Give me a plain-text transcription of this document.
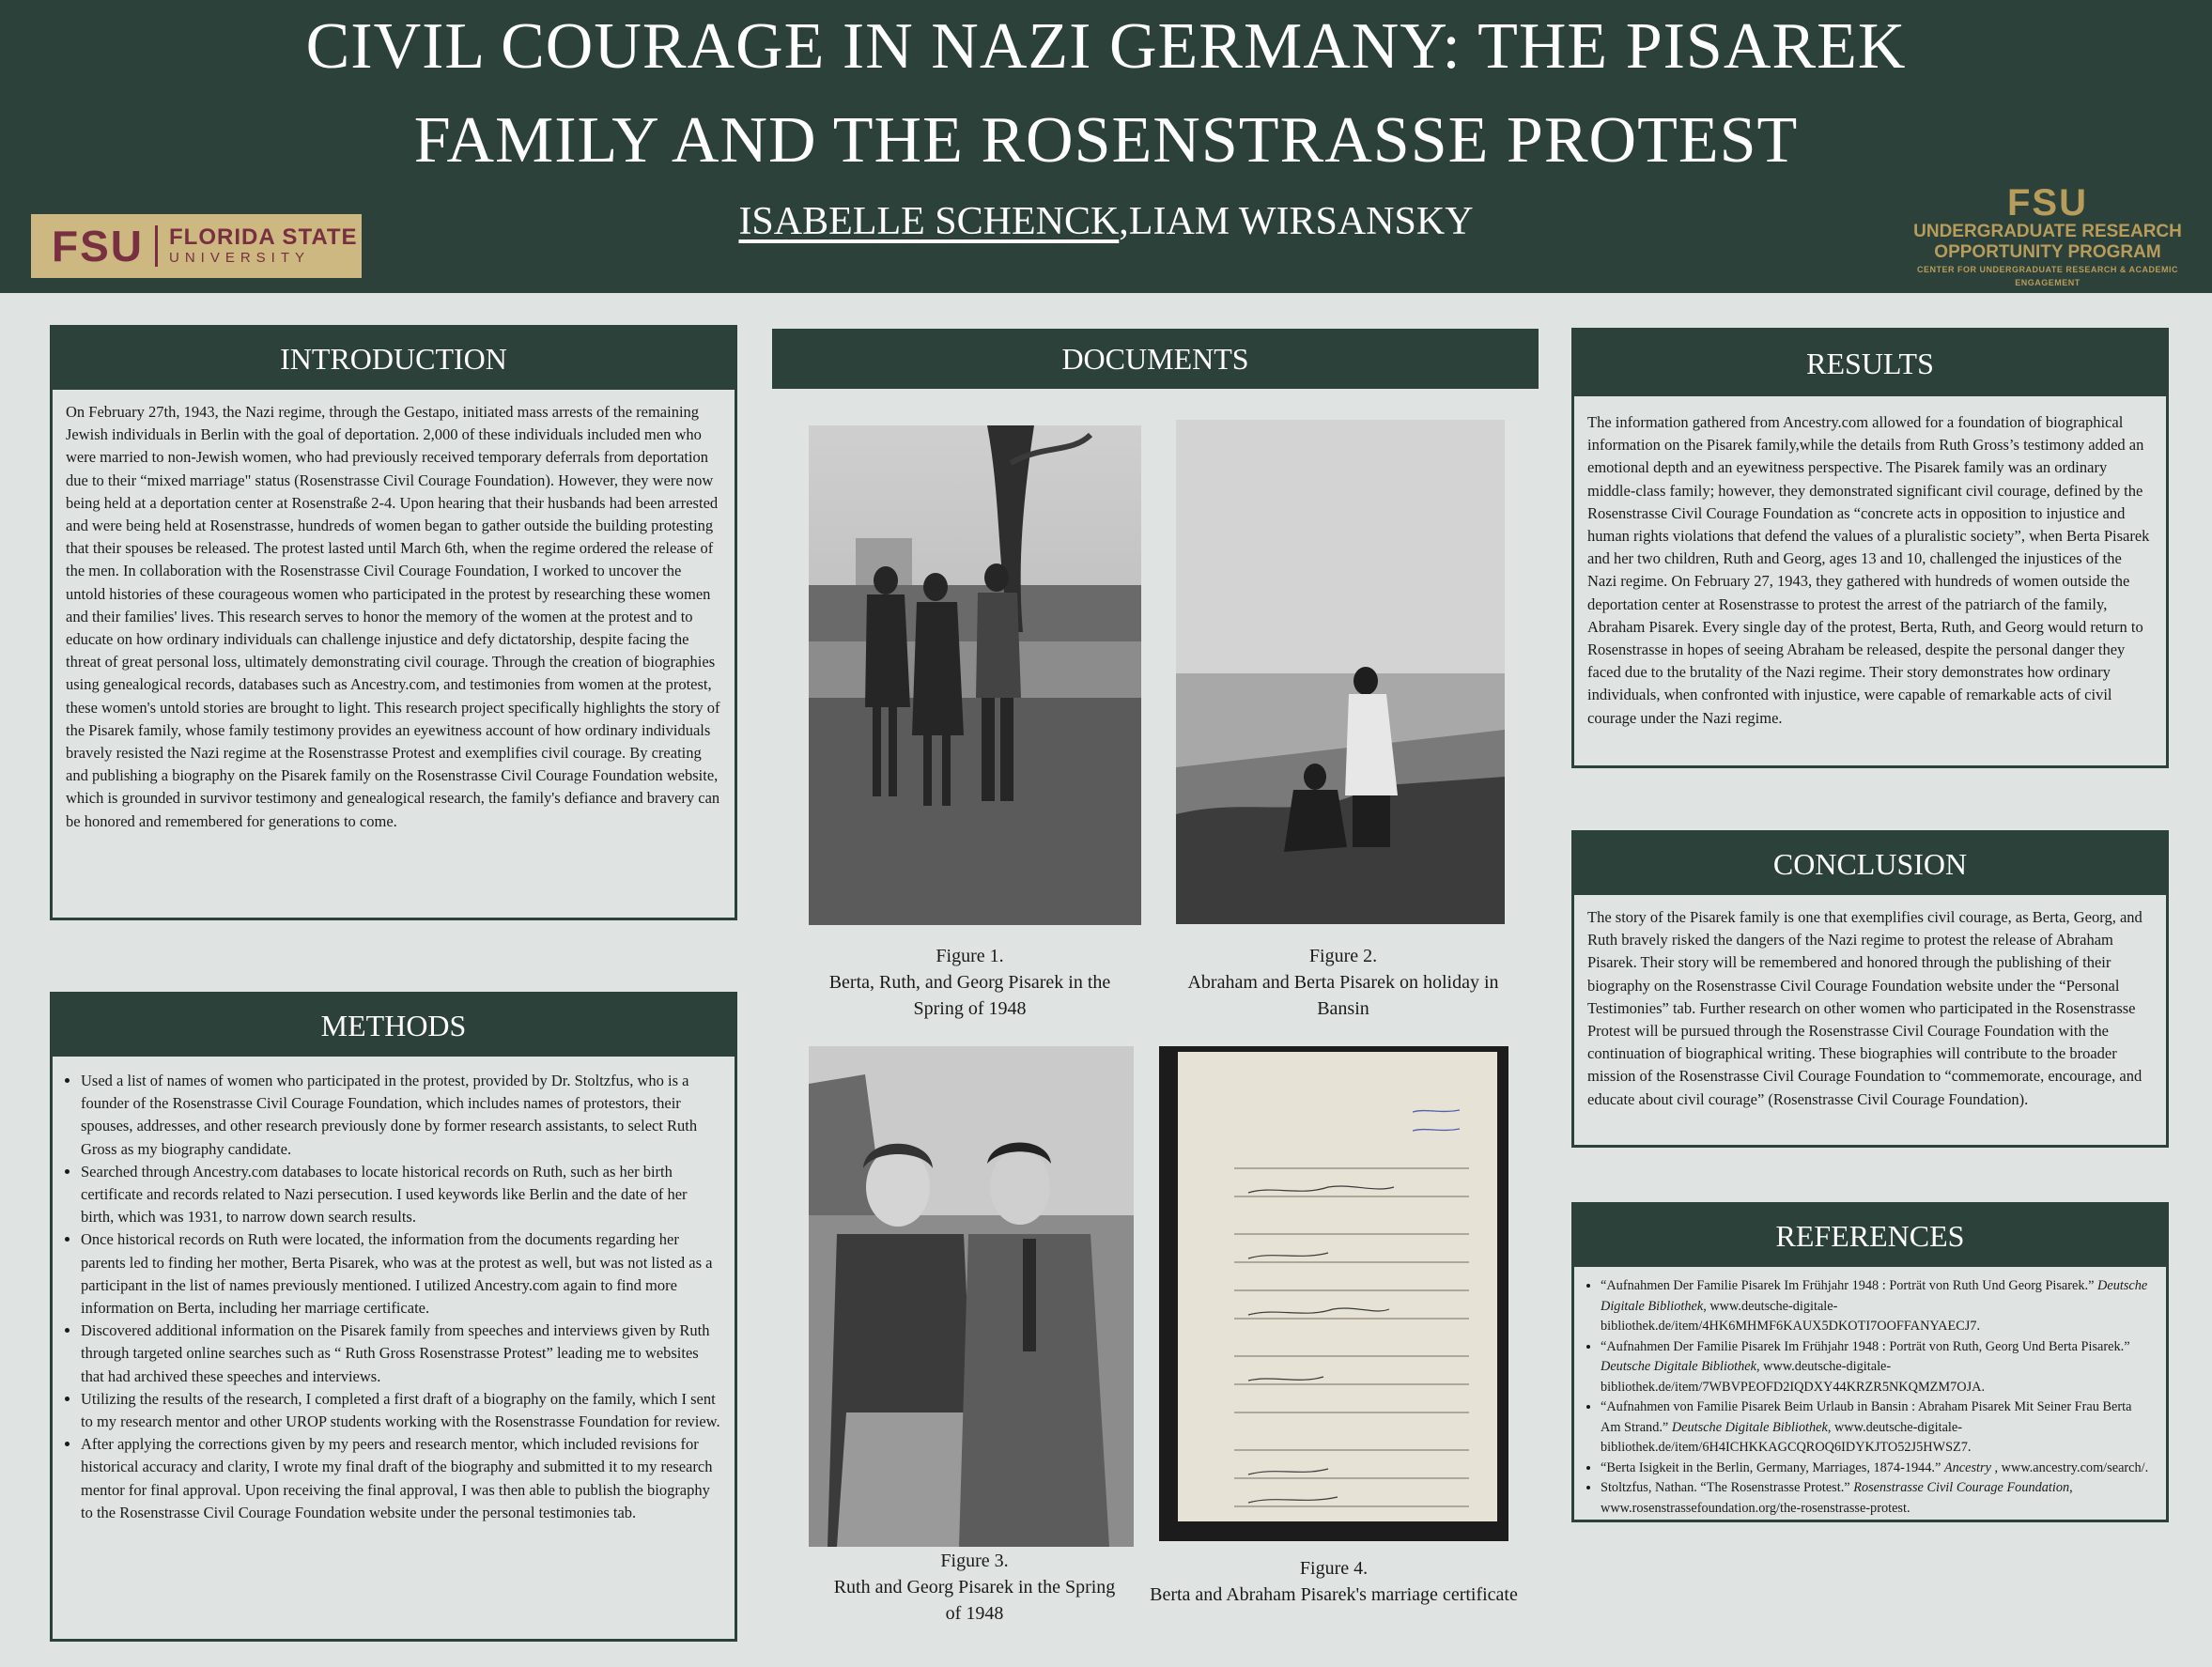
CIVIL COURAGE IN NAZI GERMANY: THE PISAREK
FAMILY AND THE ROSENSTRASSE PROTEST
ISABELLE SCHENCK,LIAM WIRSANSKY
FSU FLORIDA STATE
UNIVERSITY
FSU
UNDERGRADUATE RESEARCH
OPPORTUNITY PROGRAM
CENTER FOR UNDERGRADUATE RESEARCH & ACADEMIC ENGAGEMENT
INTRODUCTION
On February 27th, 1943, the Nazi regime, through the Gestapo, initiated mass arrests of the remaining Jewish individuals in Berlin with the goal of deportation. 2,000 of these individuals included men who were married to non-Jewish women, who had previously received temporary deferrals from deportation due to their “mixed marriage" status (Rosenstrasse Civil Courage Foundation). However, they were now being held at a deportation center at Rosenstraße 2-4. Upon hearing that their husbands had been arrested and were being held at Rosenstrasse, hundreds of women began to gather outside the building protesting that their spouses be released. The protest lasted until March 6th, when the regime ordered the release of the men. In collaboration with the Rosenstrasse Civil Courage Foundation, I worked to uncover the untold histories of these courageous women who participated in the protest by researching these women and their families' lives. This research serves to honor the memory of the women at the protest and to educate on how ordinary individuals can challenge injustice and defy dictatorship, despite facing the threat of great personal loss, ultimately demonstrating civil courage. Through the creation of biographies using genealogical records, databases such as Ancestry.com, and testimonies from women at the protest, these women's untold stories are brought to light. This research project specifically highlights the story of the Pisarek family, whose family testimony provides an eyewitness account of how ordinary individuals bravely resisted the Nazi regime at the Rosenstrasse Protest and exemplifies civil courage. By creating and publishing a biography on the Pisarek family on the Rosenstrasse Civil Courage Foundation website, which is grounded in survivor testimony and genealogical research, the family's defiance and bravery can be honored and remembered for generations to come.
METHODS
• Used a list of names of women who participated in the protest, provided by Dr. Stoltzfus, who is a founder of the Rosenstrasse Civil Courage Foundation, which includes names of protestors, their spouses, addresses, and other research previously done by former research assistants, to select Ruth Gross as my biography candidate.
• Searched through Ancestry.com databases to locate historical records on Ruth, such as her birth certificate and records related to Nazi persecution. I used keywords like Berlin and the date of her birth, which was 1931, to narrow down search results.
• Once historical records on Ruth were located, the information from the documents regarding her parents led to finding her mother, Berta Pisarek, who was at the protest as well, but was not listed as a participant in the list of names previously mentioned. I utilized Ancestry.com again to find more information on Berta, including her marriage certificate.
• Discovered additional information on the Pisarek family from speeches and interviews given by Ruth through targeted online searches such as “ Ruth Gross Rosenstrasse Protest” leading me to websites that had archived these speeches and interviews.
• Utilizing the results of the research, I completed a first draft of a biography on the family, which I sent to my research mentor and other UROP students working with the Rosenstrasse Foundation for review.
• After applying the corrections given by my peers and research mentor, which included revisions for historical accuracy and clarity, I wrote my final draft of the biography and submitted it to my research mentor for final approval. Upon receiving the final approval, I was then able to publish the biography to the Rosenstrasse Civil Courage Foundation website under the personal testimonies tab.
DOCUMENTS
Figure 1.
Berta, Ruth, and Georg Pisarek in the Spring of 1948
Figure 2.
Abraham and Berta Pisarek on holiday in Bansin
Figure 3.
Ruth and Georg Pisarek in the Spring of 1948
Figure 4.
Berta and Abraham Pisarek's marriage certificate
RESULTS
The information gathered from Ancestry.com allowed for a foundation of biographical information on the Pisarek family,while the details from Ruth Gross’s testimony added an emotional depth and an eyewitness perspective. The Pisarek family was an ordinary middle-class family; however, they demonstrated significant civil courage, defined by the Rosenstrasse Civil Courage Foundation as “concrete acts in opposition to injustice and human rights violations that defend the values of a pluralistic society”, when Berta Pisarek and her two children, Ruth and Georg, ages 13 and 10, challenged the injustices of the Nazi regime. On February 27, 1943, they gathered with hundreds of women outside the deportation center at Rosenstrasse to protest the arrest of the patriarch of the family, Abraham Pisarek. Every single day of the protest, Berta, Ruth, and Georg would return to Rosenstrasse in hopes of seeing Abraham be released, despite the personal danger they faced due to the brutality of the Nazi regime. Their story demonstrates how ordinary individuals, when confronted with injustice, were capable of remarkable acts of civil courage under the Nazi regime.
CONCLUSION
The story of the Pisarek family is one that exemplifies civil courage, as Berta, Georg, and Ruth bravely risked the dangers of the Nazi regime to protest the release of Abraham Pisarek. Their story will be remembered and honored through the publishing of their biography on the Rosenstrasse Civil Courage Foundation website under the “Personal Testimonies” tab. Further research on other women who participated in the Rosenstrasse Protest will be pursued through the Rosenstrasse Civil Courage Foundation with the continuation of biographical writing. These biographies will contribute to the broader mission of the Rosenstrasse Civil Courage Foundation to “commemorate, encourage, and educate about civil courage” (Rosenstrasse Civil Courage Foundation).
REFERENCES
• “Aufnahmen Der Familie Pisarek Im Frühjahr 1948 : Porträt von Ruth Und Georg Pisarek.” Deutsche Digitale Bibliothek, www.deutsche-digitale-bibliothek.de/item/4HK6MHMF6KAUX5DKOTI7OOFFANYAECJ7.
• “Aufnahmen Der Familie Pisarek Im Frühjahr 1948 : Porträt von Ruth, Georg Und Berta Pisarek.” Deutsche Digitale Bibliothek, www.deutsche-digitale-bibliothek.de/item/7WBVPEOFD2IQDXY44KRZR5NKQMZM7OJA.
• “Aufnahmen von Familie Pisarek Beim Urlaub in Bansin : Abraham Pisarek Mit Seiner Frau Berta Am Strand.” Deutsche Digitale Bibliothek, www.deutsche-digitale-bibliothek.de/item/6H4ICHKKAGCQROQ6IDYKJTO52J5HWSZ7.
• “Berta Isigkeit in the Berlin, Germany, Marriages, 1874-1944.” Ancestry , www.ancestry.com/search/.
• Stoltzfus, Nathan. “The Rosenstrasse Protest.” Rosenstrasse Civil Courage Foundation, www.rosenstrassefoundation.org/the-rosenstrasse-protest.
